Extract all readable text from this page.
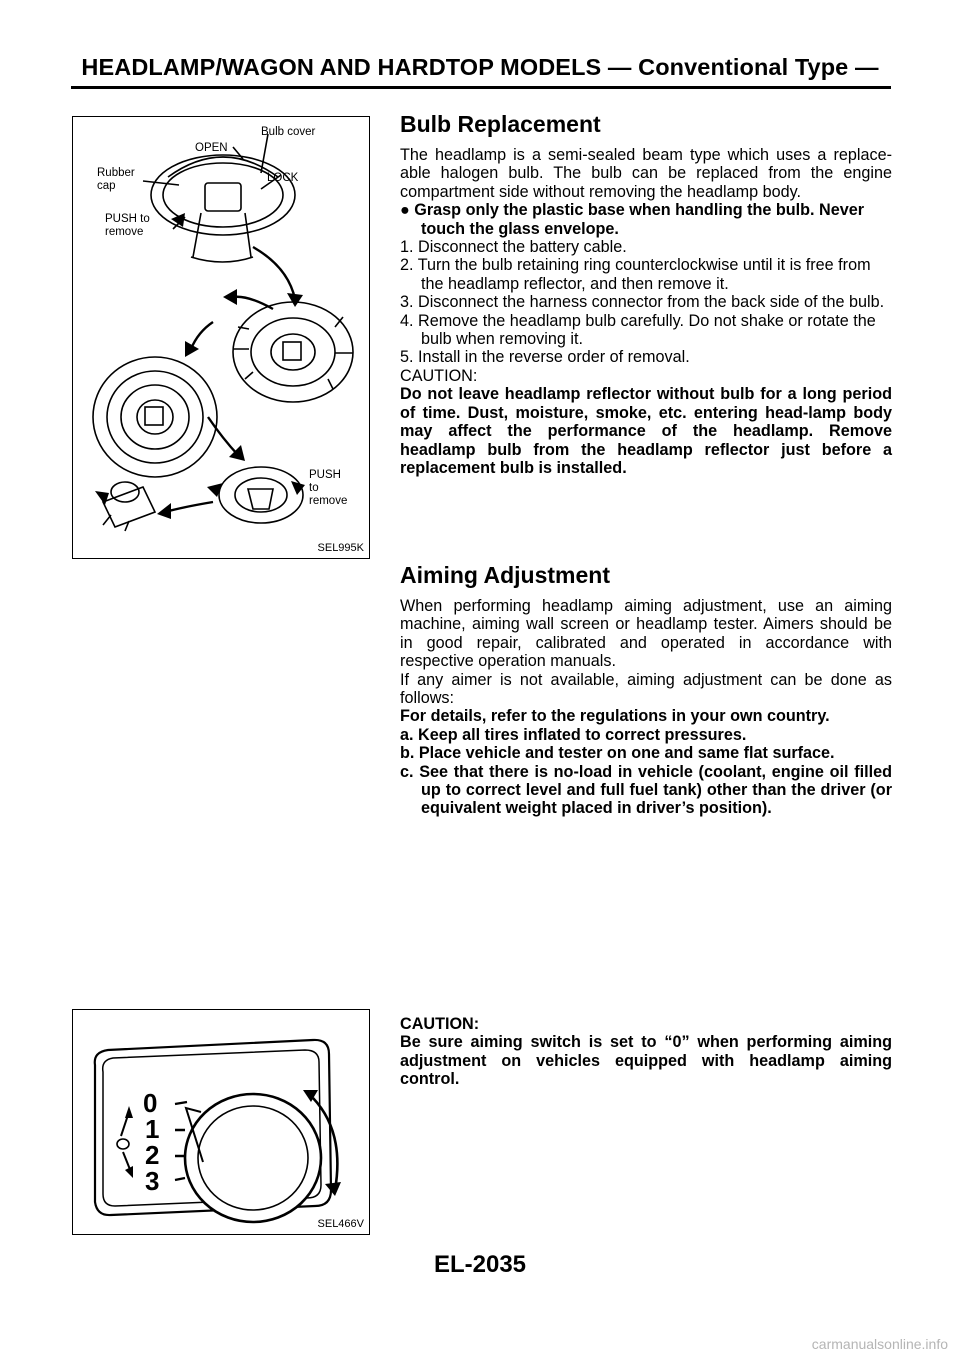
HEADLAMP/WAGON AND HARDTOP MODELS — Conventional Type —
Bulb cover
OPEN
LOCK
Rubber cap
PUSH to remove
PUSH to remove
SEL995K
0
1
2
3
SEL466V
Bulb Replacement

The headlamp is a semi-sealed beam type which uses a replace-able halogen bulb. The bulb can be replaced from the engine compartment side without removing the headlamp body.

● Grasp only the plastic base when handling the bulb. Never touch the glass envelope.

1. Disconnect the battery cable.

2. Turn the bulb retaining ring counterclockwise until it is free from the headlamp reflector, and then remove it.

3. Disconnect the harness connector from the back side of the bulb.

4. Remove the headlamp bulb carefully. Do not shake or rotate the bulb when removing it.

5. Install in the reverse order of removal.

CAUTION:

Do not leave headlamp reflector without bulb for a long period of time. Dust, moisture, smoke, etc. entering head-lamp body may affect the performance of the headlamp. Remove headlamp bulb from the headlamp reflector just before a replacement bulb is installed.

Aiming Adjustment

When performing headlamp aiming adjustment, use an aiming machine, aiming wall screen or headlamp tester. Aimers should be in good repair, calibrated and operated in accordance with respective operation manuals.

If any aimer is not available, aiming adjustment can be done as follows:

For details, refer to the regulations in your own country.

a. Keep all tires inflated to correct pressures.

b. Place vehicle and tester on one and same flat surface.

c. See that there is no-load in vehicle (coolant, engine oil filled up to correct level and full fuel tank) other than the driver (or equivalent weight placed in driver’s position).

CAUTION:

Be sure aiming switch is set to “0” when performing aiming adjustment on vehicles equipped with headlamp aiming control.

EL-2035
carmanualsonline.info
